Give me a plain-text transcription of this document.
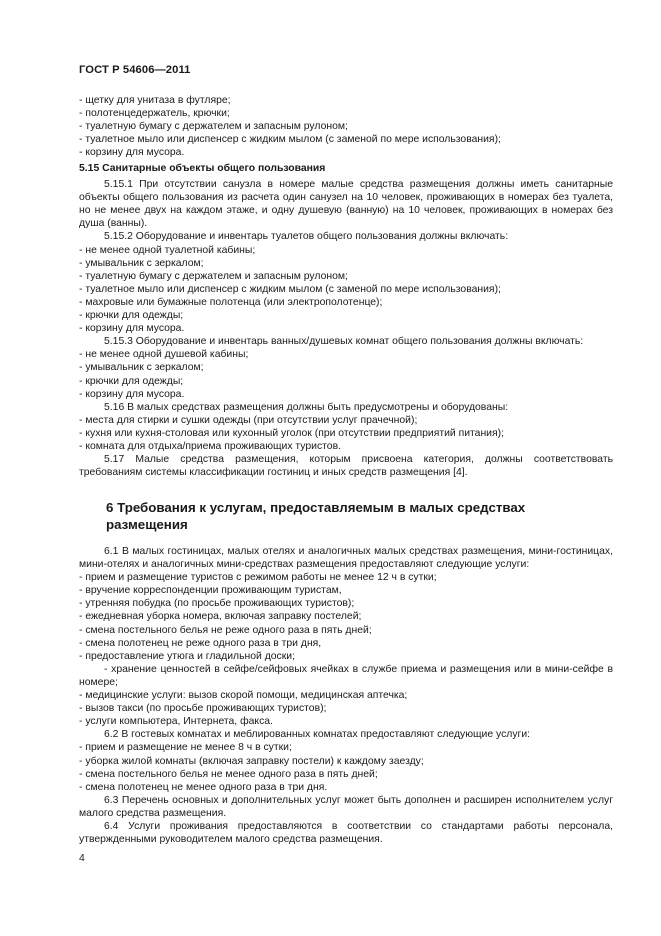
ГОСТ Р 54606—2011

- щетку для унитаза в футляре;

- полотенцедержатель, крючки;

- туалетную бумагу с держателем и запасным рулоном;

- туалетное мыло или диспенсер с жидким мылом (с заменой по мере использования);

- корзину для мусора.

5.15 Санитарные объекты общего пользования

5.15.1 При отсутствии санузла в номере малые средства размещения должны иметь санитарные объекты общего пользования из расчета один санузел на 10 человек, проживающих в номерах без туалета, но не менее двух на каждом этаже, и одну душевую (ванную) на 10 человек, проживающих в номерах без душа (ванны).

5.15.2 Оборудование и инвентарь туалетов общего пользования должны включать:

- не менее одной туалетной кабины;

- умывальник с зеркалом;

- туалетную бумагу с держателем и запасным рулоном;

- туалетное мыло или диспенсер с жидким мылом (с заменой по мере использования);

- махровые или бумажные полотенца (или электрополотенце);

- крючки для одежды;

- корзину для мусора.

5.15.3 Оборудование и инвентарь ванных/душевых комнат общего пользования должны включать:

- не менее одной душевой кабины;

- умывальник с зеркалом;

- крючки для одежды;

- корзину для мусора.

5.16 В малых средствах размещения должны быть предусмотрены и оборудованы:

- места для стирки и сушки одежды (при отсутствии услуг прачечной);

- кухня или кухня-столовая или кухонный уголок (при отсутствии предприятий питания);

- комната для отдыха/приема проживающих туристов.

5.17 Малые средства размещения, которым присвоена категория, должны соответствовать требованиям системы классификации гостиниц и иных средств размещения [4].

6 Требования к услугам, предоставляемым в малых средствах размещения

6.1 В малых гостиницах, малых отелях и аналогичных малых средствах размещения, мини-гостиницах, мини-отелях и аналогичных мини-средствах размещения предоставляют следующие услуги:

- прием и размещение туристов с режимом работы не менее 12 ч в сутки;

- вручение корреспонденции проживающим туристам,

- утренняя побудка (по просьбе проживающих туристов);

- ежедневная уборка номера, включая заправку постелей;

- смена постельного белья не реже одного раза в пять дней;

- смена полотенец не реже одного раза в три дня,

- предоставление утюга и гладильной доски;

- хранение ценностей в сейфе/сейфовых ячейках в службе приема и размещения или в мини-сейфе в номере;

- медицинские услуги: вызов скорой помощи, медицинская аптечка;

- вызов такси (по просьбе проживающих туристов);

- услуги компьютера, Интернета, факса.

6.2 В гостевых комнатах и меблированных комнатах предоставляют следующие услуги:

- прием и размещение не менее 8 ч в сутки;

- уборка жилой комнаты (включая заправку постели) к каждому заезду;

- смена постельного белья не менее одного раза в пять дней;

- смена полотенец не менее одного раза в три дня.

6.3 Перечень основных и дополнительных услуг может быть дополнен и расширен исполнителем услуг малого средства размещения.

6.4 Услуги проживания предоставляются в соответствии со стандартами работы персонала, утвержденными руководителем малого средства размещения.

4
